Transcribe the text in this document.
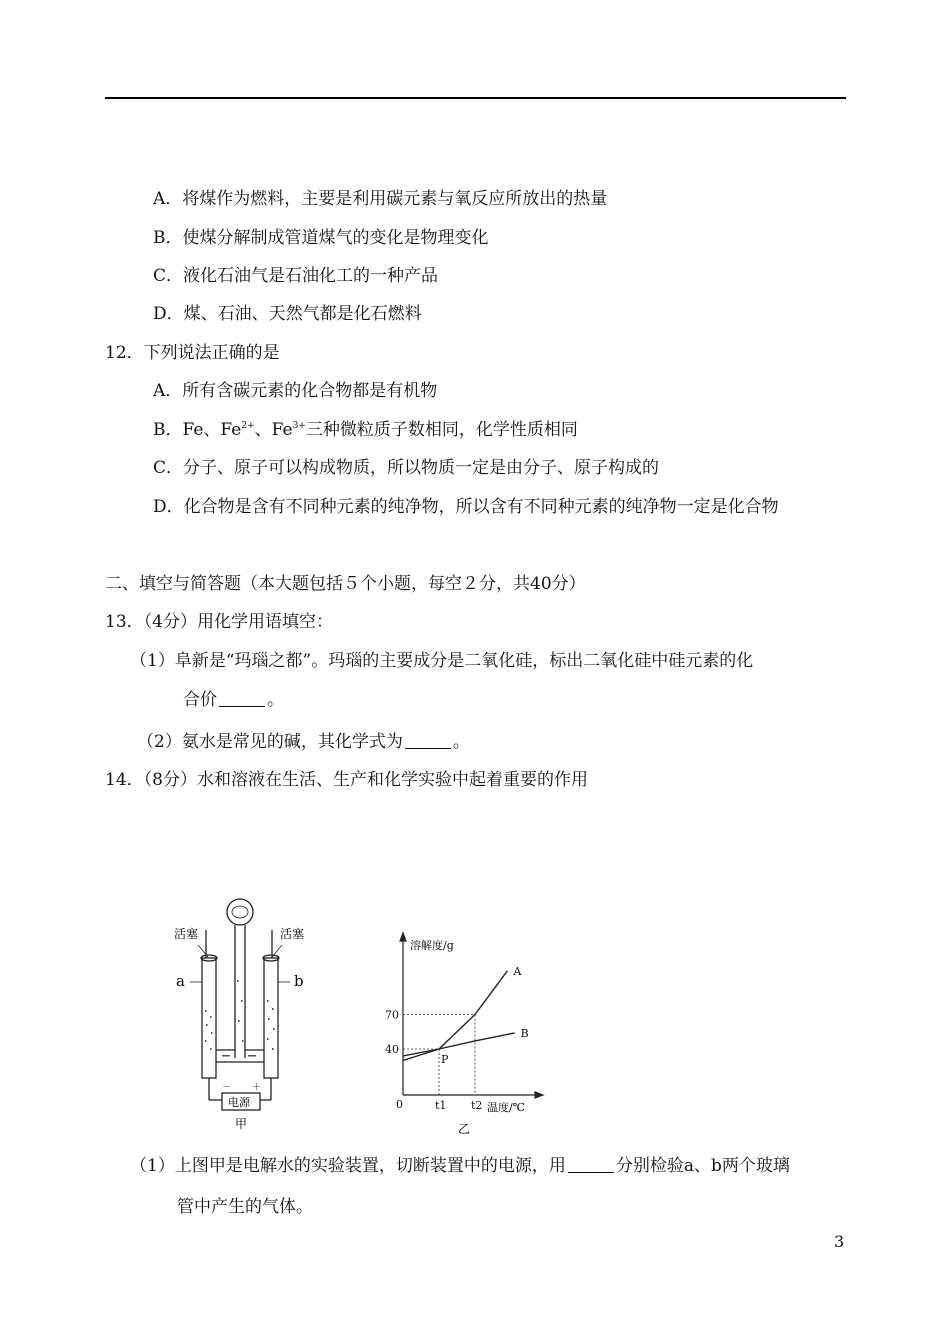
A．将煤作为燃料，主要是利用碳元素与氧反应所放出的热量
B．使煤分解制成管道煤气的变化是物理变化
C．液化石油气是石油化工的一种产品
D．煤、石油、天然气都是化石燃料
12．下列说法正确的是
A．所有含碳元素的化合物都是有机物
B．Fe、$Fe^{2+}$、$Fe^{3+}$三种微粒质子数相同，化学性质相同
C．分子、原子可以构成物质，所以物质一定是由分子、原子构成的
D．化合物是含有不同种元素的纯净物，所以含有不同种元素的纯净物一定是化合物
二、填空与简答题（本大题包括５个小题，每空２分，共40分）
13．（4分）用化学用语填空：
（1）阜新是“玛瑙之都”。玛瑙的主要成分是二氧化硅，标出二氧化硅中硅元素的化
合价	。
（2）氨水是常见的碱，其化学式为	。
14．（8分）水和溶液在生活、生产和化学实验中起着重要的作用
活塞	活塞
a	b
－ ＋
电源
甲
A
B
40
70
t1 t2
P
溶解度/g
温度/℃
0
乙
（1）上图甲是电解水的实验装置，切断装置中的电源，用	分别检验a、b两个玻璃
管中产生的气体。
3
